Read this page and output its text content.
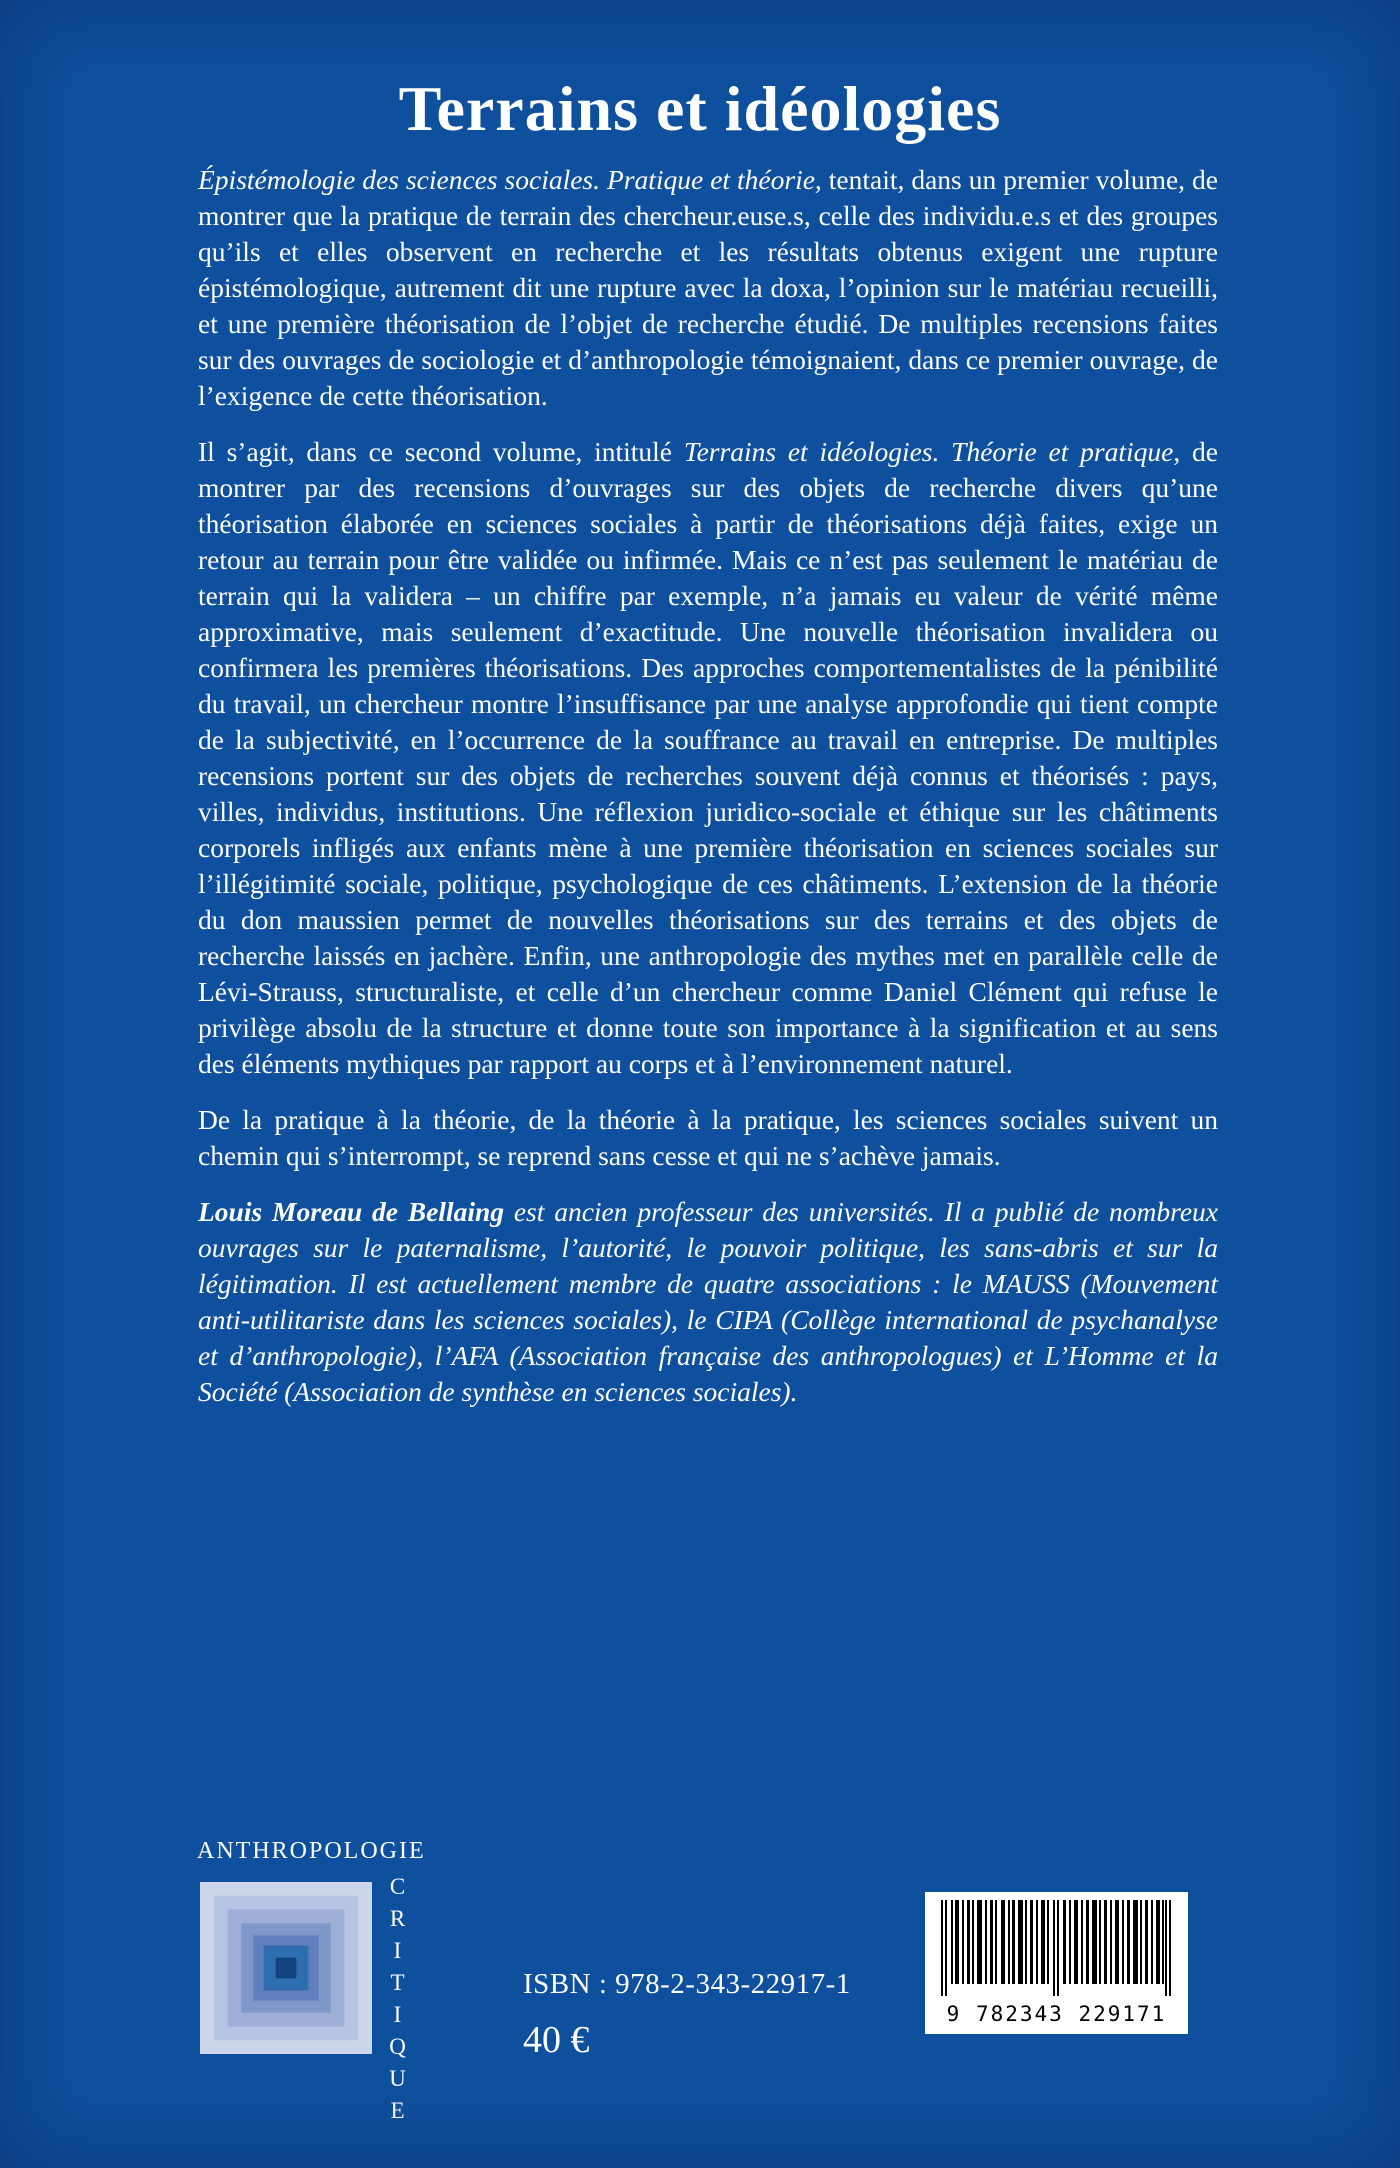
Terrains et idéologies

Épistémologie des sciences sociales. Pratique et théorie, tentait, dans un premier volume, de montrer que la pratique de terrain des chercheur.euse.s, celle des individu.e.s et des groupes qu’ils et elles observent en recherche et les résultats obtenus exigent une rupture épistémologique, autrement dit une rupture avec la doxa, l’opinion sur le matériau recueilli, et une première théorisation de l’objet de recherche étudié. De multiples recensions faites sur des ouvrages de sociologie et d’anthropologie témoignaient, dans ce premier ouvrage, de l’exigence de cette théorisation.

Il s’agit, dans ce second volume, intitulé Terrains et idéologies. Théorie et pratique, de montrer par des recensions d’ouvrages sur des objets de recherche divers qu’une théorisation élaborée en sciences sociales à partir de théorisations déjà faites, exige un retour au terrain pour être validée ou infirmée. Mais ce n’est pas seulement le matériau de terrain qui la validera – un chiffre par exemple, n’a jamais eu valeur de vérité même approximative, mais seulement d’exactitude. Une nouvelle théorisation invalidera ou confirmera les premières théorisations. Des approches comportementalistes de la pénibilité du travail, un chercheur montre l’insuffisance par une analyse approfondie qui tient compte de la subjectivité, en l’occurrence de la souffrance au travail en entreprise. De multiples recensions portent sur des objets de recherches souvent déjà connus et théorisés : pays, villes, individus, institutions. Une réflexion juridico-sociale et éthique sur les châtiments corporels infligés aux enfants mène à une première théorisation en sciences sociales sur l’illégitimité sociale, politique, psychologique de ces châtiments. L’extension de la théorie du don maussien permet de nouvelles théorisations sur des terrains et des objets de recherche laissés en jachère. Enfin, une anthropologie des mythes met en parallèle celle de Lévi-Strauss, structuraliste, et celle d’un chercheur comme Daniel Clément qui refuse le privilège absolu de la structure et donne toute son importance à la signification et au sens des éléments mythiques par rapport au corps et à l’environnement naturel.

De la pratique à la théorie, de la théorie à la pratique, les sciences sociales suivent un chemin qui s’interrompt, se reprend sans cesse et qui ne s’achève jamais.

Louis Moreau de Bellaing est ancien professeur des universités. Il a publié de nombreux ouvrages sur le paternalisme, l’autorité, le pouvoir politique, les sans-abris et sur la légitimation. Il est actuellement membre de quatre associations : le MAUSS (Mouvement anti-utilitariste dans les sciences sociales), le CIPA (Collège international de psychanalyse et d’anthropologie), l’AFA (Association française des anthropologues) et L’Homme et la Société (Association de synthèse en sciences sociales).

ANTHROPOLOGIE
CRITIQUE	ISBN : 978-2-343-22917-1
40 €
9 782343 229171
